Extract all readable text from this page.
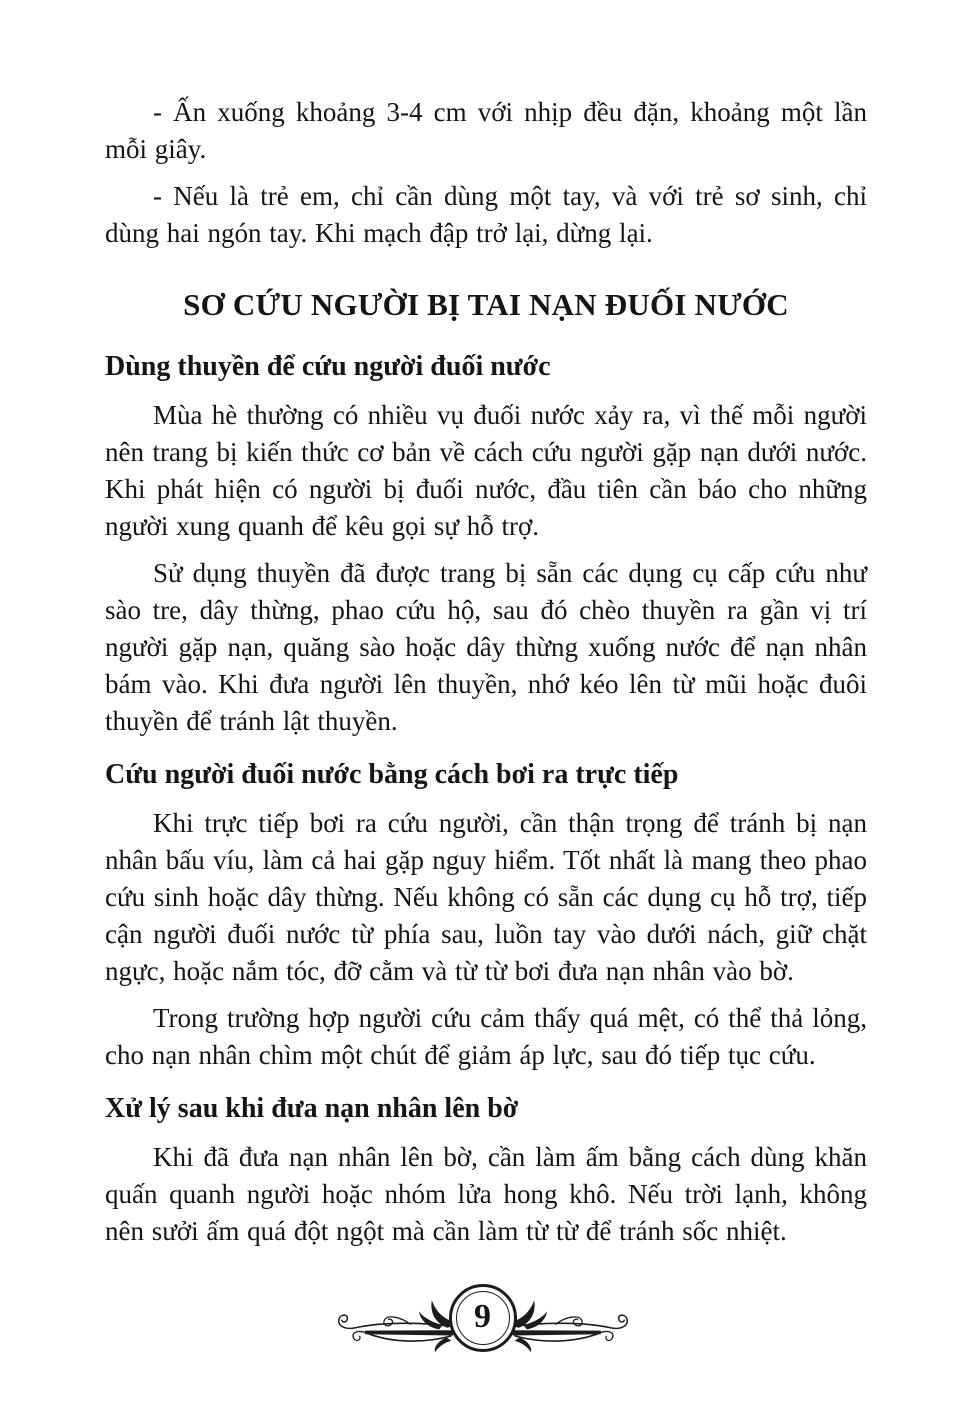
- Ấn xuống khoảng 3-4 cm với nhịp đều đặn, khoảng một lần mỗi giây.

- Nếu là trẻ em, chỉ cần dùng một tay, và với trẻ sơ sinh, chỉ dùng hai ngón tay. Khi mạch đập trở lại, dừng lại.

SƠ CỨU NGƯỜI BỊ TAI NẠN ĐUỐI NƯỚC
Dùng thuyền để cứu người đuối nước

Mùa hè thường có nhiều vụ đuối nước xảy ra, vì thế mỗi người nên trang bị kiến thức cơ bản về cách cứu người gặp nạn dưới nước. Khi phát hiện có người bị đuối nước, đầu tiên cần báo cho những người xung quanh để kêu gọi sự hỗ trợ.

Sử dụng thuyền đã được trang bị sẵn các dụng cụ cấp cứu như sào tre, dây thừng, phao cứu hộ, sau đó chèo thuyền ra gần vị trí người gặp nạn, quăng sào hoặc dây thừng xuống nước để nạn nhân bám vào. Khi đưa người lên thuyền, nhớ kéo lên từ mũi hoặc đuôi thuyền để tránh lật thuyền.

Cứu người đuối nước bằng cách bơi ra trực tiếp

Khi trực tiếp bơi ra cứu người, cần thận trọng để tránh bị nạn nhân bấu víu, làm cả hai gặp nguy hiểm. Tốt nhất là mang theo phao cứu sinh hoặc dây thừng. Nếu không có sẵn các dụng cụ hỗ trợ, tiếp cận người đuối nước từ phía sau, luồn tay vào dưới nách, giữ chặt ngực, hoặc nắm tóc, đỡ cằm và từ từ bơi đưa nạn nhân vào bờ.

Trong trường hợp người cứu cảm thấy quá mệt, có thể thả lỏng, cho nạn nhân chìm một chút để giảm áp lực, sau đó tiếp tục cứu.

Xử lý sau khi đưa nạn nhân lên bờ

Khi đã đưa nạn nhân lên bờ, cần làm ấm bằng cách dùng khăn quấn quanh người hoặc nhóm lửa hong khô. Nếu trời lạnh, không nên sưởi ấm quá đột ngột mà cần làm từ từ để tránh sốc nhiệt.

9
